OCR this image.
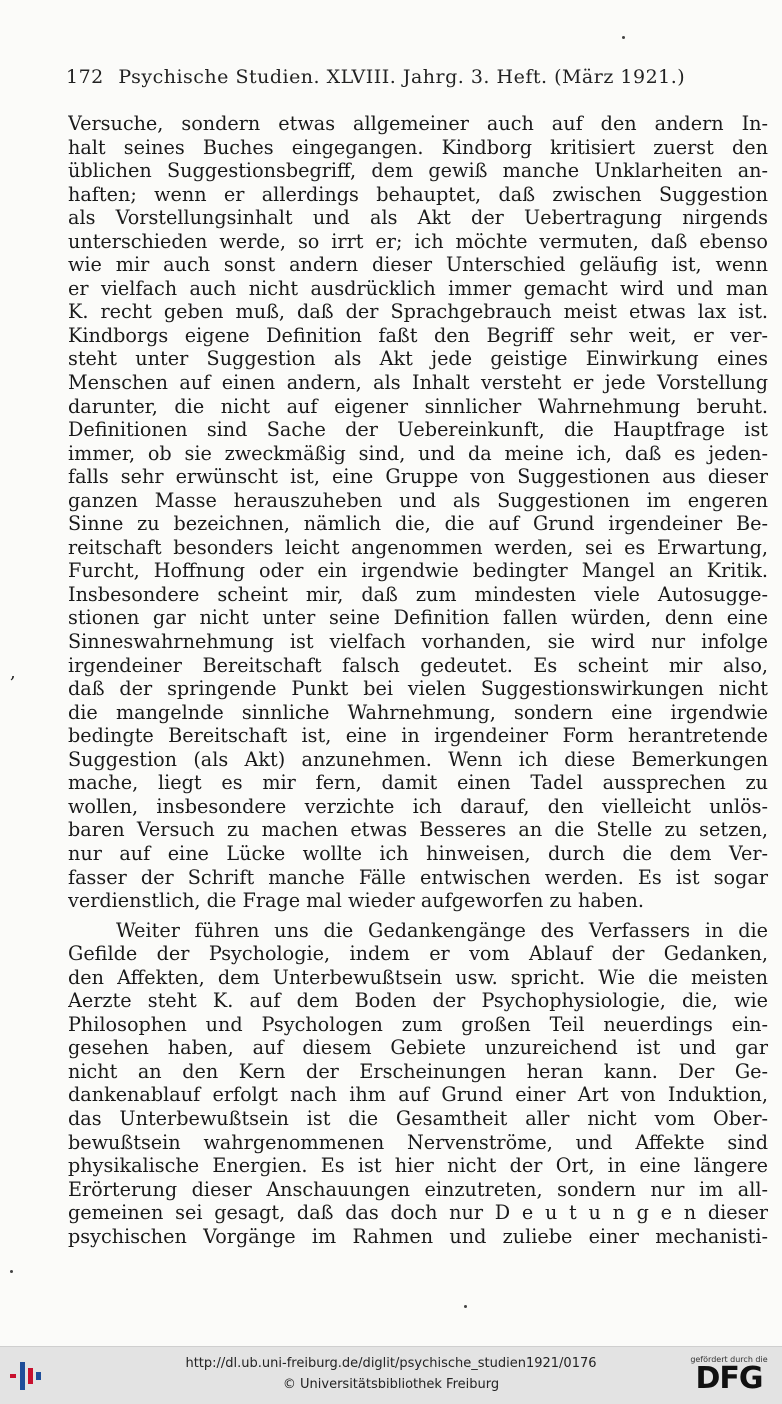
172 Psychische Studien. XLVIII. Jahrg. 3. Heft. (März 1921.)
,
Versuche, sondern etwas allgemeiner auch auf den andern In-
halt seines Buches eingegangen. Kindborg kritisiert zuerst den
üblichen Suggestionsbegriff, dem gewiß manche Unklarheiten an-
haften; wenn er allerdings behauptet, daß zwischen Suggestion
als Vorstellungsinhalt und als Akt der Uebertragung nirgends
unterschieden werde, so irrt er; ich möchte vermuten, daß ebenso
wie mir auch sonst andern dieser Unterschied geläufig ist, wenn
er vielfach auch nicht ausdrücklich immer gemacht wird und man
K. recht geben muß, daß der Sprachgebrauch meist etwas lax ist.
Kindborgs eigene Definition faßt den Begriff sehr weit, er ver-
steht unter Suggestion als Akt jede geistige Einwirkung eines
Menschen auf einen andern, als Inhalt versteht er jede Vorstellung
darunter, die nicht auf eigener sinnlicher Wahrnehmung beruht.
Definitionen sind Sache der Uebereinkunft, die Hauptfrage ist
immer, ob sie zweckmäßig sind, und da meine ich, daß es jeden-
falls sehr erwünscht ist, eine Gruppe von Suggestionen aus dieser
ganzen Masse herauszuheben und als Suggestionen im engeren
Sinne zu bezeichnen, nämlich die, die auf Grund irgendeiner Be-
reitschaft besonders leicht angenommen werden, sei es Erwartung,
Furcht, Hoffnung oder ein irgendwie bedingter Mangel an Kritik.
Insbesondere scheint mir, daß zum mindesten viele Autosugge-
stionen gar nicht unter seine Definition fallen würden, denn eine
Sinneswahrnehmung ist vielfach vorhanden, sie wird nur infolge
irgendeiner Bereitschaft falsch gedeutet. Es scheint mir also,
daß der springende Punkt bei vielen Suggestionswirkungen nicht
die mangelnde sinnliche Wahrnehmung, sondern eine irgendwie
bedingte Bereitschaft ist, eine in irgendeiner Form herantretende
Suggestion (als Akt) anzunehmen. Wenn ich diese Bemerkungen
mache, liegt es mir fern, damit einen Tadel aussprechen zu
wollen, insbesondere verzichte ich darauf, den vielleicht unlös-
baren Versuch zu machen etwas Besseres an die Stelle zu setzen,
nur auf eine Lücke wollte ich hinweisen, durch die dem Ver-
fasser der Schrift manche Fälle entwischen werden. Es ist sogar
verdienstlich, die Frage mal wieder aufgeworfen zu haben.
Weiter führen uns die Gedankengänge des Verfassers in die
Gefilde der Psychologie, indem er vom Ablauf der Gedanken,
den Affekten, dem Unterbewußtsein usw. spricht. Wie die meisten
Aerzte steht K. auf dem Boden der Psychophysiologie, die, wie
Philosophen und Psychologen zum großen Teil neuerdings ein-
gesehen haben, auf diesem Gebiete unzureichend ist und gar
nicht an den Kern der Erscheinungen heran kann. Der Ge-
dankenablauf erfolgt nach ihm auf Grund einer Art von Induktion,
das Unterbewußtsein ist die Gesamtheit aller nicht vom Ober-
bewußtsein wahrgenommenen Nervenströme, und Affekte sind
physikalische Energien. Es ist hier nicht der Ort, in eine längere
Erörterung dieser Anschauungen einzutreten, sondern nur im all-
gemeinen sei gesagt, daß das doch nur D e u t u n g e n dieser
psychischen Vorgänge im Rahmen und zuliebe einer mechanisti-
http://dl.ub.uni-freiburg.de/diglit/psychische_studien1921/0176
© Universitätsbibliothek Freiburg
gefördert durch die
DFG
